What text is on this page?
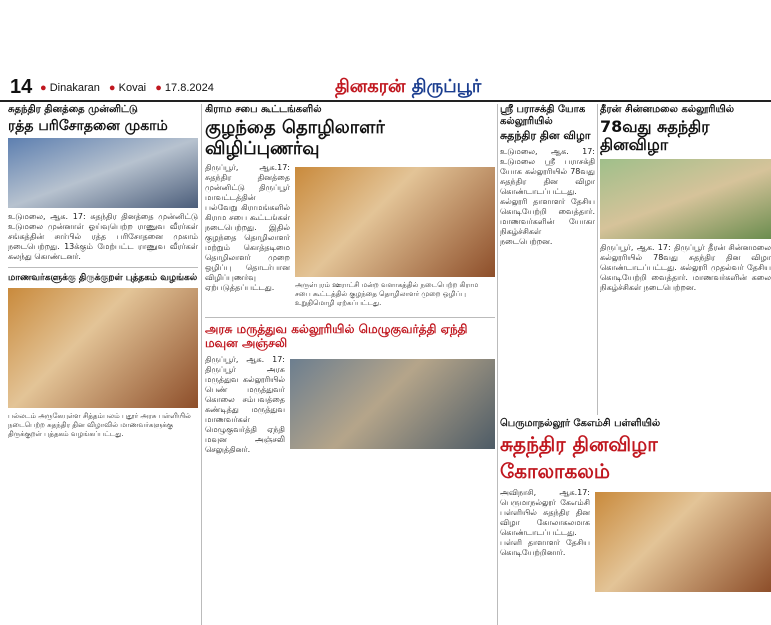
14 ● Dinakaran ● Kovai ● 17.8.2024	தினகரன் திருப்பூர்
சுதந்திர தினத்தை முன்னிட்டு
ரத்த பரிசோதனை முகாம்
உடுமலை, ஆக. 17: சுதந்திர தினத்தை முன்னிட்டு உடுமலை முன்னாள் ஓய்வுபெற்ற ராணுவ வீரர்கள் சங்கத்தின் சார்பில் ரத்த பரிசோதனை முகாம் நடைபெற்றது. 13க்கும் மேற்பட்ட ராணுவ வீரர்கள் கலந்து கொண்டனர்.
மாணவர்களுக்கு திருக்குறள் புத்தகம் வழங்கல்
பல்லடம் அருகேயுள்ள சித்தம்பலம் புதூர் அரசு பள்ளியில் நடைபெற்ற சுதந்திர தின விழாவில் மாணவர்களுக்கு திருக்குறள் புத்தகம் வழங்கப்பட்டது.
கிராம சபை கூட்டங்களில்
குழந்தை தொழிலாளர் விழிப்புணர்வு
திருப்பூர், ஆக.17: சுதந்திர தினத்தை முன்னிட்டு திருப்பூர் மாவட்டத்தின் பல்வேறு கிராமங்களில் கிராம சபை கூட்டங்கள் நடைபெற்றது. இதில் குழந்தை தொழிலாளர் மற்றும் கொத்தடிமை தொழிலாளர் முறை ஒழிப்பு தொடர்பான விழிப்புணர்வு ஏற்படுத்தப்பட்டது.	அருள்புரம் ஊராட்சி மன்ற வளாகத்தில் நடைபெற்ற கிராம சபை கூட்டத்தில் குழந்தை தொழிலாளர் முறை ஒழிப்பு உறுதிமொழி ஏற்கப்பட்டது.
அரசு மருத்துவ கல்லூரியில் மெழுகுவர்த்தி ஏந்தி மவுன அஞ்சலி
திருப்பூர், ஆக. 17: திருப்பூர் அரசு மருத்துவ கல்லூரியில் பெண் மருத்துவர் கொலை சம்பவத்தை கண்டித்து மருத்துவ மாணவர்கள் மெழுகுவர்த்தி ஏந்தி மவுன அஞ்சலி செலுத்தினர்.
ஸ்ரீ பராசக்தி யோக கல்லூரியில்
சுதந்திர தின விழா
உடுமலை, ஆக. 17: உடுமலை ஸ்ரீ பராசக்தி யோக கல்லூரியில் 78வது சுதந்திர தின விழா கொண்டாடப்பட்டது. கல்லூரி தாளாளர் தேசிய கொடியேற்றி வைத்தார். மாணவர்களின் யோகா நிகழ்ச்சிகள் நடைபெற்றன.
தீரன் சின்னமலை கல்லூரியில்
78வது சுதந்திர தினவிழா
திருப்பூர், ஆக. 17: திருப்பூர் தீரன் சின்னமலை கல்லூரியில் 78வது சுதந்திர தின விழா கொண்டாடப்பட்டது. கல்லூரி முதல்வர் தேசிய கொடியேற்றி வைத்தார். மாணவர்களின் கலை நிகழ்ச்சிகள் நடைபெற்றன.
பெருமாநல்லூர் கேஎம்சி பள்ளியில்
சுதந்திர தினவிழா கோலாகலம்
அவிநாசி, ஆக.17: பெருமாநல்லூர் கேஎம்சி பள்ளியில் சுதந்திர தின விழா கோலாகலமாக கொண்டாடப்பட்டது. பள்ளி தாளாளர் தேசிய கொடியேற்றினார்.
